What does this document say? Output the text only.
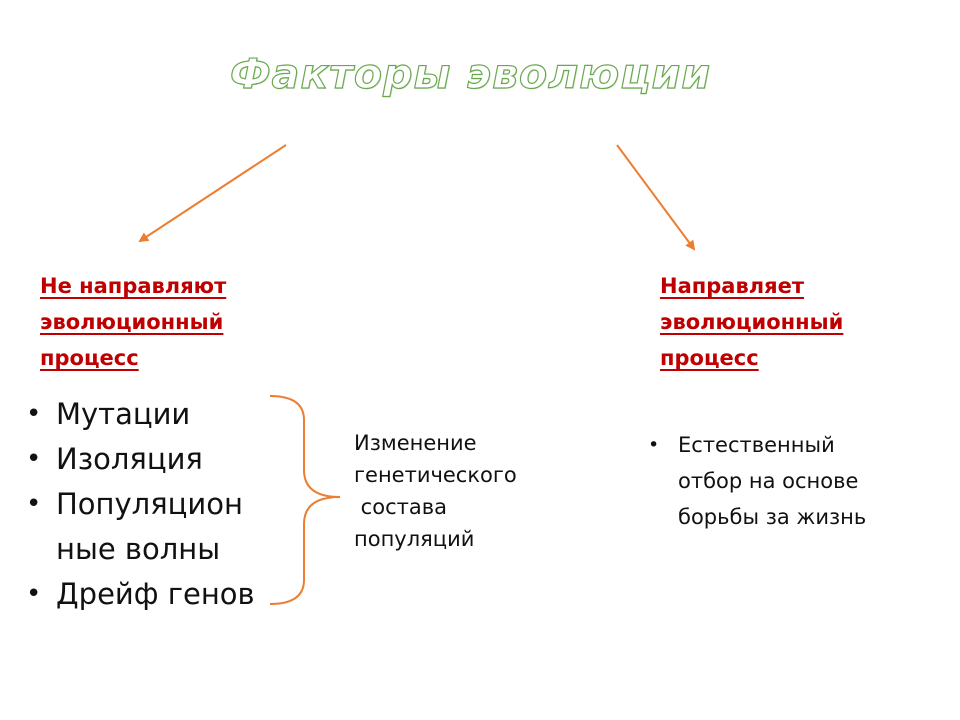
Факторы эволюции
Не направляют
эволюционный
процесс
Направляет
эволюционный
процесс
• Мутации
• Изоляция
• Популяцион ные волны
• Дрейф генов
Изменение
генетического
состава
популяций
• Естественный
отбор на основе
борьбы за жизнь
